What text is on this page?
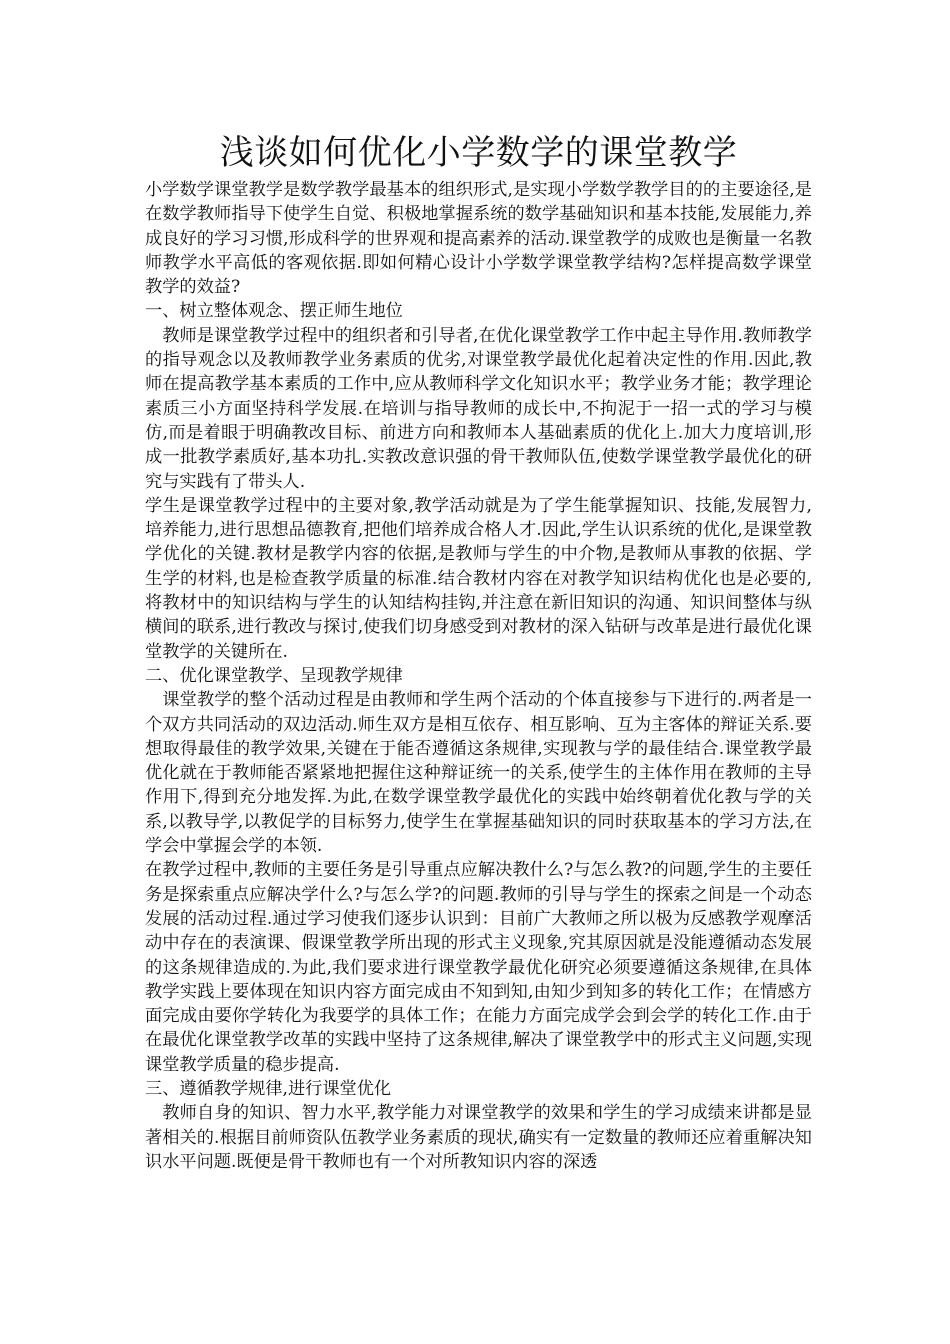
浅谈如何优化小学数学的课堂教学

小学数学课堂教学是数学教学最基本的组织形式,是实现小学数学教学目的的主要途径,是在数学教师指导下使学生自觉、积极地掌握系统的数学基础知识和基本技能,发展能力,养成良好的学习习惯,形成科学的世界观和提高素养的活动.课堂教学的成败也是衡量一名教师教学水平高低的客观依据.即如何精心设计小学数学课堂教学结构?怎样提高数学课堂教学的效益?

一、树立整体观念、摆正师生地位

教师是课堂教学过程中的组织者和引导者,在优化课堂教学工作中起主导作用.教师教学的指导观念以及教师教学业务素质的优劣,对课堂教学最优化起着决定性的作用.因此,教师在提高教学基本素质的工作中,应从教师科学文化知识水平；教学业务才能；教学理论素质三小方面坚持科学发展.在培训与指导教师的成长中,不拘泥于一招一式的学习与模仿,而是着眼于明确教改目标、前进方向和教师本人基础素质的优化上.加大力度培训,形成一批教学素质好,基本功扎.实教改意识强的骨干教师队伍,使数学课堂教学最优化的研究与实践有了带头人.

学生是课堂教学过程中的主要对象,教学活动就是为了学生能掌握知识、技能,发展智力,培养能力,进行思想品德教育,把他们培养成合格人才.因此,学生认识系统的优化,是课堂教学优化的关键.教材是教学内容的依据,是教师与学生的中介物,是教师从事教的依据、学生学的材料,也是检查教学质量的标准.结合教材内容在对教学知识结构优化也是必要的,将教材中的知识结构与学生的认知结构挂钩,并注意在新旧知识的沟通、知识间整体与纵横间的联系,进行教改与探讨,使我们切身感受到对教材的深入钻研与改革是进行最优化课堂教学的关键所在.

二、优化课堂教学、呈现教学规律

课堂教学的整个活动过程是由教师和学生两个活动的个体直接参与下进行的.两者是一个双方共同活动的双边活动.师生双方是相互依存、相互影响、互为主客体的辩证关系.要想取得最佳的教学效果,关键在于能否遵循这条规律,实现教与学的最佳结合.课堂教学最优化就在于教师能否紧紧地把握住这种辩证统一的关系,使学生的主体作用在教师的主导作用下,得到充分地发挥.为此,在数学课堂教学最优化的实践中始终朝着优化教与学的关系,以教导学,以教促学的目标努力,使学生在掌握基础知识的同时获取基本的学习方法,在学会中掌握会学的本领.

在教学过程中,教师的主要任务是引导重点应解决教什么?与怎么教?的问题,学生的主要任务是探索重点应解决学什么?与怎么学?的问题.教师的引导与学生的探索之间是一个动态发展的活动过程.通过学习使我们逐步认识到：目前广大教师之所以极为反感教学观摩活动中存在的表演课、假课堂教学所出现的形式主义现象,究其原因就是没能遵循动态发展的这条规律造成的.为此,我们要求进行课堂教学最优化研究必须要遵循这条规律,在具体教学实践上要体现在知识内容方面完成由不知到知,由知少到知多的转化工作；在情感方面完成由要你学转化为我要学的具体工作；在能力方面完成学会到会学的转化工作.由于在最优化课堂教学改革的实践中坚持了这条规律,解决了课堂教学中的形式主义问题,实现课堂教学质量的稳步提高.

三、遵循教学规律,进行课堂优化

教师自身的知识、智力水平,教学能力对课堂教学的效果和学生的学习成绩来讲都是显著相关的.根据目前师资队伍教学业务素质的现状,确实有一定数量的教师还应着重解决知识水平问题.既便是骨干教师也有一个对所教知识内容的深透
